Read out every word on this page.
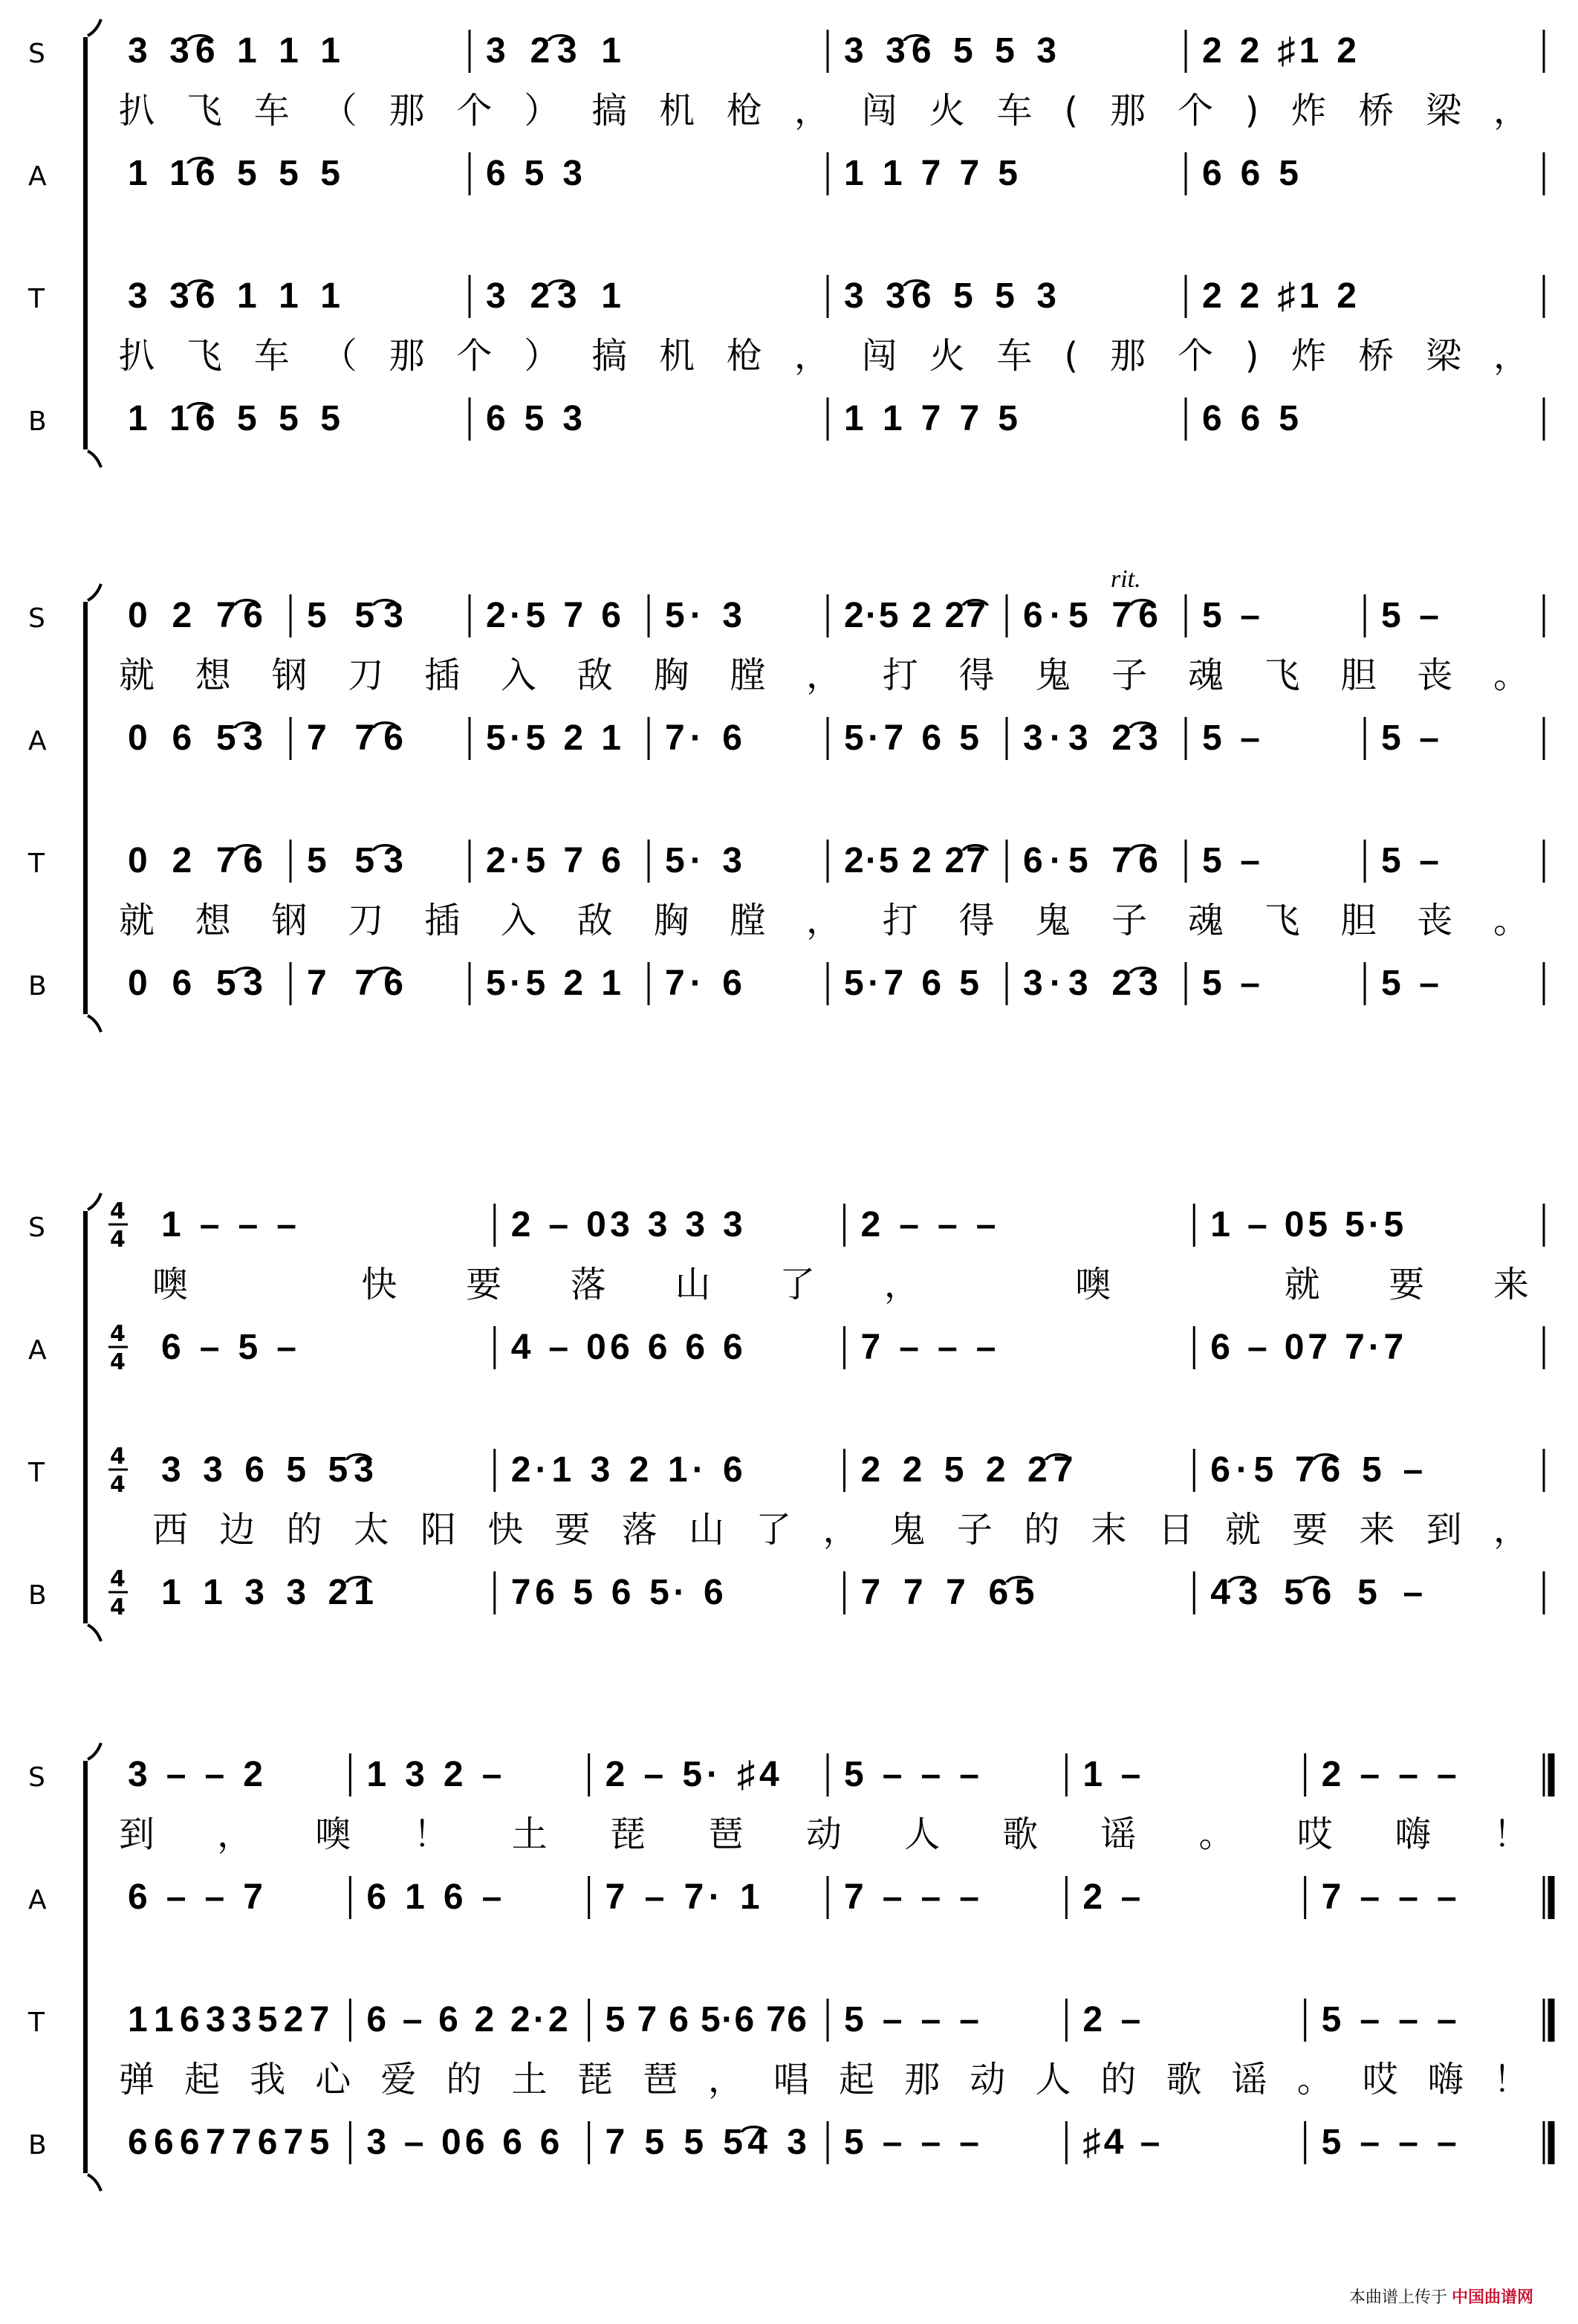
S 3 3͡6 1 1 1	3 2͡3 1	3 3͡6 5 5 3	2 2 ♯1 2
扒飞车（那个）搞机枪，闯火车(那个)炸桥梁，
A 1 1͡6 5 5 5	6 5 3	1 1 7 7 5	6 6 5
T 3 3͡6 1 1 1	3 2͡3 1	3 3͡6 5 5 3	2 2 ♯1 2
扒飞车（那个）搞机枪，闯火车(那个)炸桥梁，
B 1 1͡6 5 5 5	6 5 3	1 1 7 7 5	6 6 5
rit.
S 0 2 7͡6 5 5͡3 2·5 7 6 5· 3	2·5 2 2͡7 6·5 7͡6 5 –	5 –
就想钢刀插入敌胸膛，打得鬼子魂飞胆丧。
A 0 6 5͡3 7 7͡6 5·5 2 1 7· 6	5·7 6 5 3·3 2͡3 5 –	5 –
T 0 2 7͡6 5 5͡3 2·5 7 6 5· 3	2·5 2 2͡7 6·5 7͡6 5 –	5 –
就想钢刀插入敌胸膛，打得鬼子魂飞胆丧。
B 0 6 5͡3 7 7͡6 5·5 2 1 7· 6	5·7 6 5 3·3 2͡3 5 –	5 –
S
4
4 1 – – –	2 – 03 3 3 3	2 – – –	1 – 05 5·5
噢　快要落山了，　噢　就要来
A
4
4 6 – 5 –	4 – 06 6 6 6	7 – – –	6 – 07 7·7
T
4
4 3 3 6 5 5͡3	2·1 3 2 1· 6	2 2 5 2 2͡7	6·5 7͡6 5 –
西边的太阳快要落山了，鬼子的末日就要来到，
B
4
4 1 1 3 3 2͡1	76 5 6 5· 6	7 7 7 6͡5	4͡3 5͡6 5 –
S 3 – – 2	1 3 2 –	2 – 5· ♯4 5 – – –	1 –	2 – – –
到，噢！土琵琶动人歌谣。哎嗨！
A 6 – – 7	6 1 6 –	7 – 7· 1 7 – – –	2 –	7 – – –
T 1 1 6 3 3 5 2 7 6 – 6 2 2·2 5 7 6 5·6 76 5 – – –	2 –	5 – – –
弹起我心爱的土琵琶，唱起那动人的歌谣。哎嗨！
B 6 6 6 7 7 6 7 5 3 – 06 6 6 7 5 5 5͡4 3 5 – – –	♯4 –	5 – – –
本曲谱上传于 中国曲谱网
